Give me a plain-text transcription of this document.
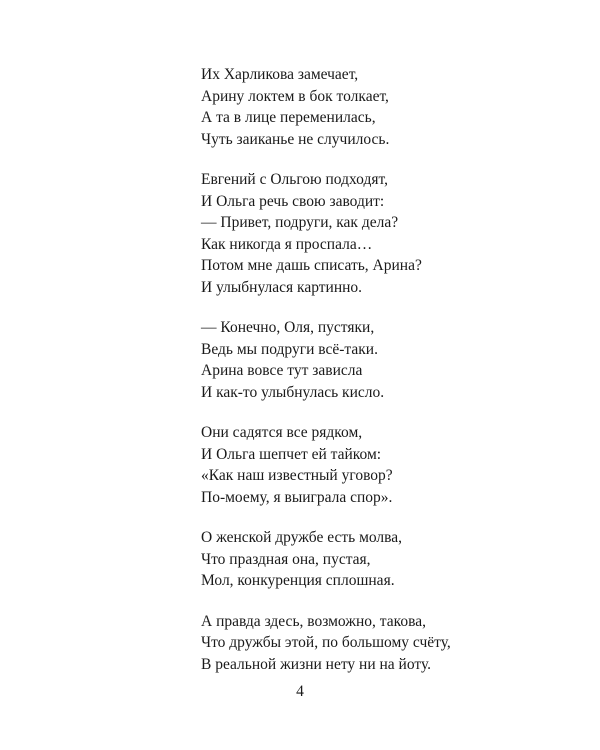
Их Харликова замечает,
Арину локтем в бок толкает,
А та в лице переменилась,
Чуть заиканье не случилось.
Евгений с Ольгою подходят,
И Ольга речь свою заводит:
— Привет, подруги, как дела?
Как никогда я проспала…
Потом мне дашь списать, Арина?
И улыбнулася картинно.
— Конечно, Оля, пустяки,
Ведь мы подруги всё-таки.
Арина вовсе тут зависла
И как-то улыбнулась кисло.
Они садятся все рядком,
И Ольга шепчет ей тайком:
«Как наш известный уговор?
По-моему, я выиграла спор».
О женской дружбе есть молва,
Что праздная она, пустая,
Мол, конкуренция сплошная.
А правда здесь, возможно, такова,
Что дружбы этой, по большому счёту,
В реальной жизни нету ни на йоту.
4
